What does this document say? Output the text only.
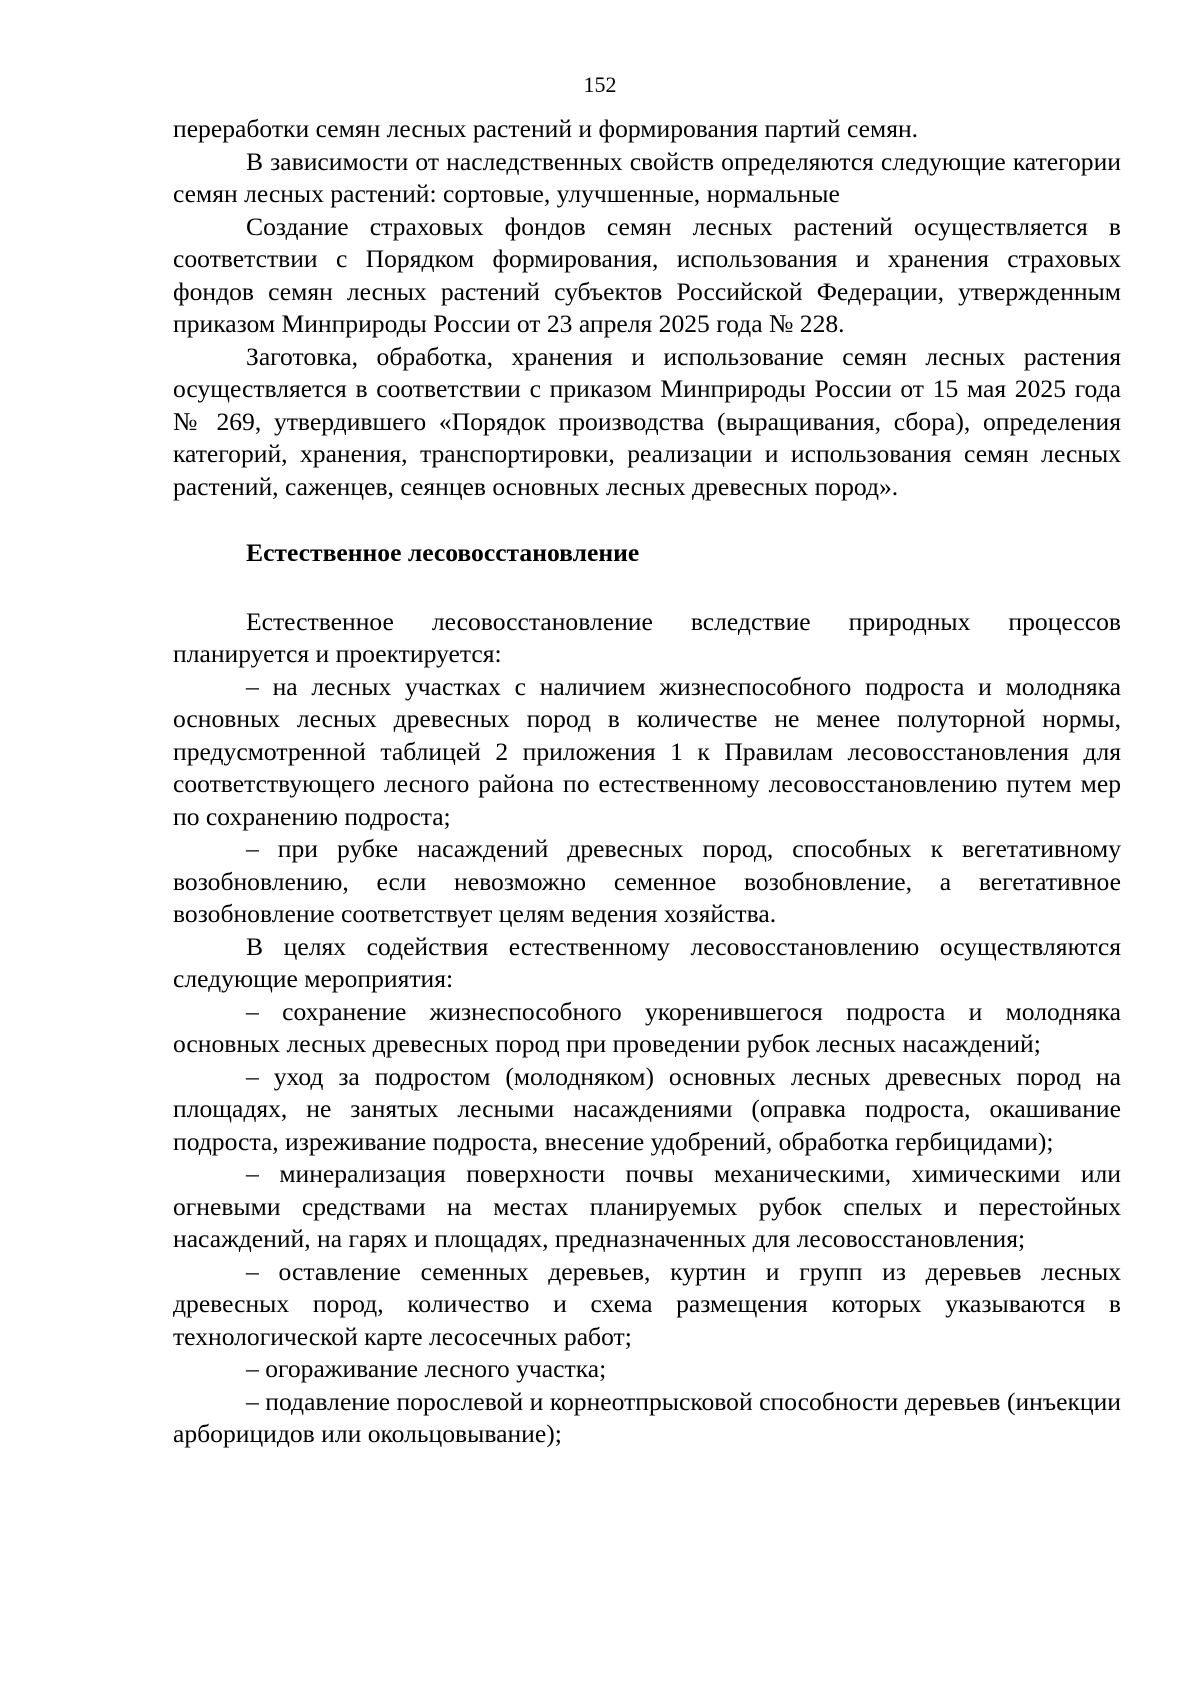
152

переработки семян лесных растений и формирования партий семян.

В зависимости от наследственных свойств определяются следующие категории семян лесных растений: сортовые, улучшенные, нормальные

Создание страховых фондов семян лесных растений осуществляется в соответствии с Порядком формирования, использования и хранения страховых фондов семян лесных растений субъектов Российской Федерации, утвержденным приказом Минприроды России от 23 апреля 2025 года № 228.

Заготовка, обработка, хранения и использование семян лесных растения осуществляется в соответствии с приказом Минприроды России от 15 мая 2025 года № 269, утвердившего «Порядок производства (выращивания, сбора), определения категорий, хранения, транспортировки, реализации и использования семян лесных растений, саженцев, сеянцев основных лесных древесных пород».

Естественное лесовосстановление

Естественное лесовосстановление вследствие природных процессов планируется и проектируется:

– на лесных участках с наличием жизнеспособного подроста и молодняка основных лесных древесных пород в количестве не менее полуторной нормы, предусмотренной таблицей 2 приложения 1 к Правилам лесовосстановления для соответствующего лесного района по естественному лесовосстановлению путем мер по сохранению подроста;

– при рубке насаждений древесных пород, способных к вегетативному возобновлению, если невозможно семенное возобновление, а вегетативное возобновление соответствует целям ведения хозяйства.

В целях содействия естественному лесовосстановлению осуществляются следующие мероприятия:

– сохранение жизнеспособного укоренившегося подроста и молодняка основных лесных древесных пород при проведении рубок лесных насаждений;

– уход за подростом (молодняком) основных лесных древесных пород на площадях, не занятых лесными насаждениями (оправка подроста, окашивание подроста, изреживание подроста, внесение удобрений, обработка гербицидами);

– минерализация поверхности почвы механическими, химическими или огневыми средствами на местах планируемых рубок спелых и перестойных насаждений, на гарях и площадях, предназначенных для лесовосстановления;

– оставление семенных деревьев, куртин и групп из деревьев лесных древесных пород, количество и схема размещения которых указываются в технологической карте лесосечных работ;

– огораживание лесного участка;

– подавление порослевой и корнеотпрысковой способности деревьев (инъекции арборицидов или окольцовывание);
